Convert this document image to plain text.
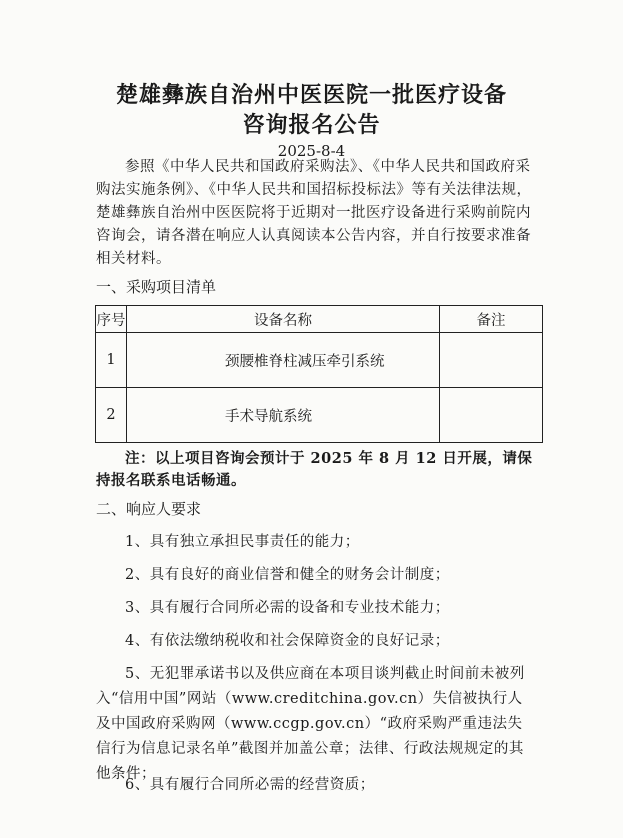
楚雄彝族自治州中医医院一批医疗设备
咨询报名公告
2025-8-4
参照《中华人民共和国政府采购法》、《中华人民共和国政府采购法实施条例》、《中华人民共和国招标投标法》等有关法律法规，楚雄彝族自治州中医医院将于近期对一批医疗设备进行采购前院内咨询会，请各潜在响应人认真阅读本公告内容，并自行按要求准备相关材料。
一、采购项目清单
序号	设备名称	备注
1	颈腰椎脊柱减压牵引系统	
2	手术导航系统	
注：以上项目咨询会预计于 2025 年 8 月 12 日开展，请保持报名联系电话畅通。
二、响应人要求
1、具有独立承担民事责任的能力；
2、具有良好的商业信誉和健全的财务会计制度；
3、具有履行合同所必需的设备和专业技术能力；
4、有依法缴纳税收和社会保障资金的良好记录；
5、无犯罪承诺书以及供应商在本项目谈判截止时间前未被列入“信用中国”网站（www.creditchina.gov.cn）失信被执行人及中国政府采购网（www.ccgp.gov.cn）“政府采购严重违法失信行为信息记录名单”截图并加盖公章；法律、行政法规规定的其他条件；
6、具有履行合同所必需的经营资质；
